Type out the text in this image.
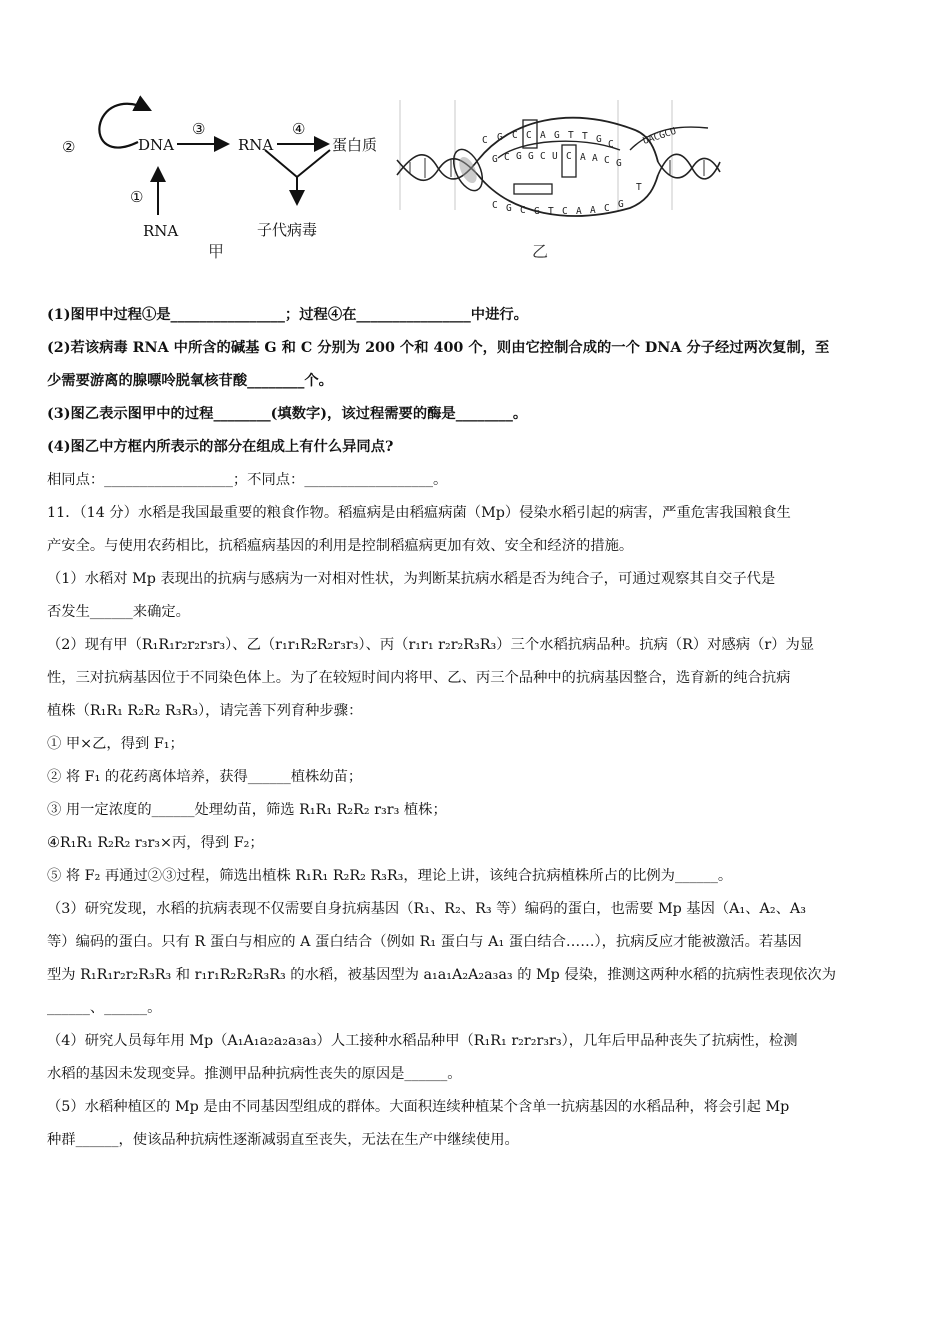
②	DNA
③
RNA
④
蛋白质
①
RNA	子代病毒
甲
C G C C A G T T G C
G C G G C U C A A C G
C G C G T C A A C G
UACGCU
T
乙

(1)图甲中过程①是________________；过程④在________________中进行。

(2)若该病毒 RNA 中所含的碱基 G 和 C 分别为 200 个和 400 个，则由它控制合成的一个 DNA 分子经过两次复制，至

少需要游离的腺嘌呤脱氧核苷酸________个。

(3)图乙表示图甲中的过程________(填数字)，该过程需要的酶是________。

(4)图乙中方框内所表示的部分在组成上有什么异同点?

相同点：__________________；不同点：__________________。

11．（14 分）水稻是我国最重要的粮食作物。稻瘟病是由稻瘟病菌（Mp）侵染水稻引起的病害，严重危害我国粮食生

产安全。与使用农药相比，抗稻瘟病基因的利用是控制稻瘟病更加有效、安全和经济的措施。

（1）水稻对 Mp 表现出的抗病与感病为一对相对性状，为判断某抗病水稻是否为纯合子，可通过观察其自交子代是

否发生______来确定。

（2）现有甲（R₁R₁r₂r₂r₃r₃）、乙（r₁r₁R₂R₂r₃r₃）、丙（r₁r₁ r₂r₂R₃R₃）三个水稻抗病品种。抗病（R）对感病（r）为显

性，三对抗病基因位于不同染色体上。为了在较短时间内将甲、乙、丙三个品种中的抗病基因整合，选育新的纯合抗病

植株（R₁R₁ R₂R₂ R₃R₃），请完善下列育种步骤：

① 甲×乙，得到 F₁；

② 将 F₁ 的花药离体培养，获得______植株幼苗；

③ 用一定浓度的______处理幼苗，筛选 R₁R₁ R₂R₂ r₃r₃ 植株；

④R₁R₁ R₂R₂ r₃r₃×丙，得到 F₂；

⑤ 将 F₂ 再通过②③过程，筛选出植株 R₁R₁ R₂R₂ R₃R₃，理论上讲，该纯合抗病植株所占的比例为______。

（3）研究发现，水稻的抗病表现不仅需要自身抗病基因（R₁、R₂、R₃ 等）编码的蛋白，也需要 Mp 基因（A₁、A₂、A₃

等）编码的蛋白。只有 R 蛋白与相应的 A 蛋白结合（例如 R₁ 蛋白与 A₁ 蛋白结合……），抗病反应才能被激活。若基因

型为 R₁R₁r₂r₂R₃R₃ 和 r₁r₁R₂R₂R₃R₃ 的水稻，被基因型为 a₁a₁A₂A₂a₃a₃ 的 Mp 侵染，推测这两种水稻的抗病性表现依次为

______、______。

（4）研究人员每年用 Mp（A₁A₁a₂a₂a₃a₃）人工接种水稻品种甲（R₁R₁ r₂r₂r₃r₃），几年后甲品种丧失了抗病性，检测

水稻的基因未发现变异。推测甲品种抗病性丧失的原因是______。

（5）水稻种植区的 Mp 是由不同基因型组成的群体。大面积连续种植某个含单一抗病基因的水稻品种，将会引起 Mp

种群______，使该品种抗病性逐渐减弱直至丧失，无法在生产中继续使用。
